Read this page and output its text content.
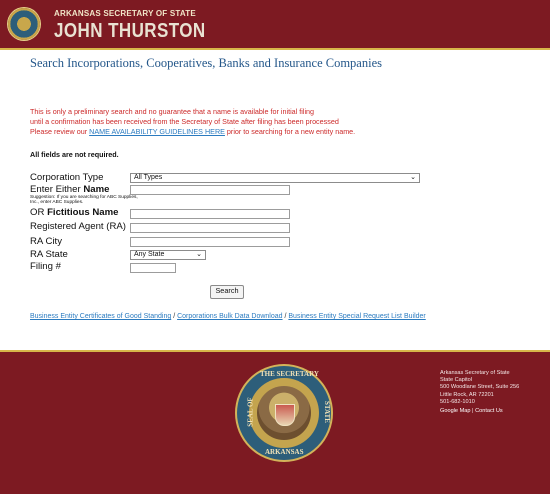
ARKANSAS SECRETARY OF STATE
JOHN THURSTON
Search Incorporations, Cooperatives, Banks and Insurance Companies
This is only a preliminary search and no guarantee that a name is available for initial filing
until a confirmation has been received from the Secretary of State after filing has been processed
Please review our NAME AVAILABILITY GUIDELINES HERE prior to searching for a new entity name.
All fields are not required.
Corporation Type	All Types	⌄
Enter Either Name
Suggestion: If you are searching for ABC Supplies, Inc., enter ABC Supplies.
OR Fictitious Name
Registered Agent (RA)
RA City
RA State	Any State	⌄
Filing #
Search
Business Entity Certificates of Good Standing / Corporations Bulk Data Download / Business Entity Special Request List Builder
THE SECRETARY
SEAL OF	STATE
ARKANSAS
Arkansas Secretary of State
State Capitol
500 Woodlane Street, Suite 256
Little Rock, AR 72201
501-682-1010
Google Map | Contact Us
